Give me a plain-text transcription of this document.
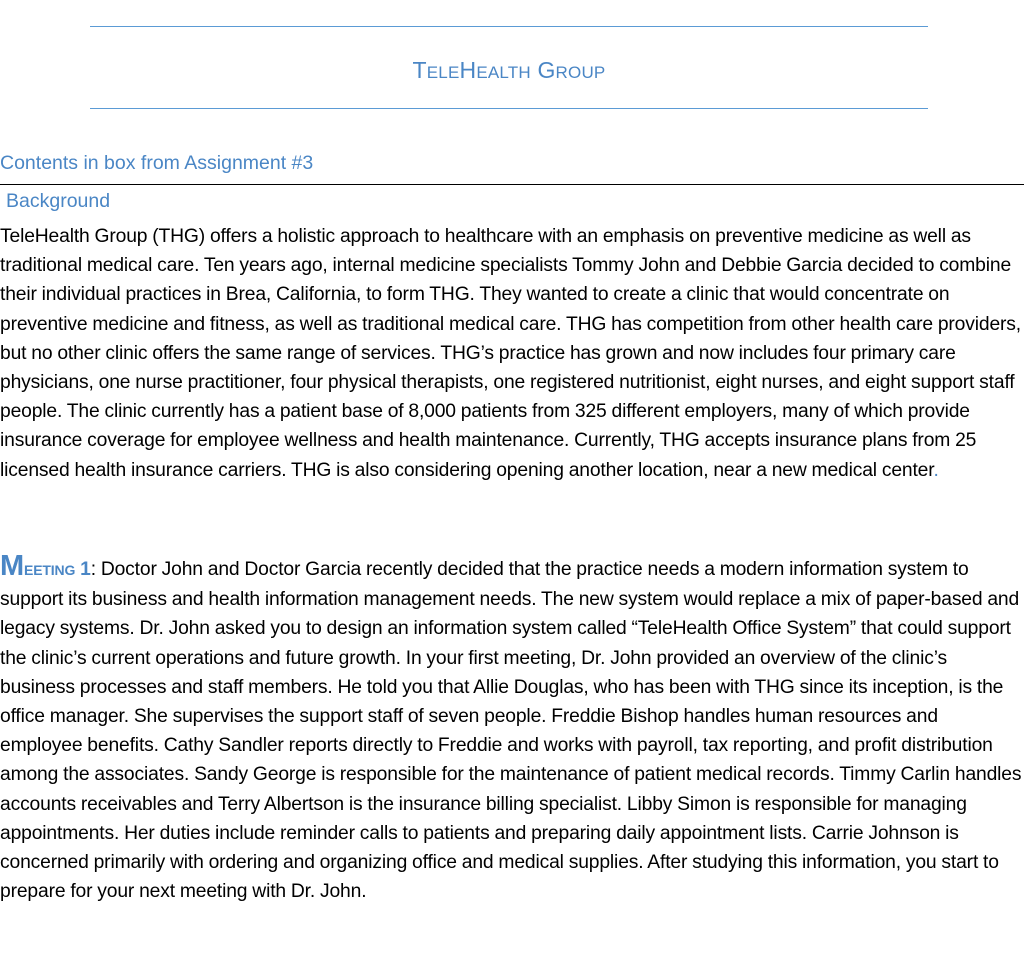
TELEHEALTH GROUP
Contents in box from Assignment #3
Background

TeleHealth Group (THG) offers a holistic approach to healthcare with an emphasis on preventive medicine as well as traditional medical care. Ten years ago, internal medicine specialists Tommy John and Debbie Garcia decided to combine their individual practices in Brea, California, to form THG. They wanted to create a clinic that would concentrate on preventive medicine and fitness, as well as traditional medical care. THG has competition from other health care providers, but no other clinic offers the same range of services. THG’s practice has grown and now includes four primary care physicians, one nurse practitioner, four physical therapists, one registered nutritionist, eight nurses, and eight support staff people. The clinic currently has a patient base of 8,000 patients from 325 different employers, many of which provide insurance coverage for employee wellness and health maintenance. Currently, THG accepts insurance plans from 25 licensed health insurance carriers. THG is also considering opening another location, near a new medical center.

MEETING 1: Doctor John and Doctor Garcia recently decided that the practice needs a modern information system to support its business and health information management needs. The new system would replace a mix of paper-based and legacy systems. Dr. John asked you to design an information system called “TeleHealth Office System” that could support the clinic’s current operations and future growth. In your first meeting, Dr. John provided an overview of the clinic’s business processes and staff members. He told you that Allie Douglas, who has been with THG since its inception, is the office manager. She supervises the support staff of seven people. Freddie Bishop handles human resources and employee benefits. Cathy Sandler reports directly to Freddie and works with payroll, tax reporting, and profit distribution among the associates. Sandy George is responsible for the maintenance of patient medical records. Timmy Carlin handles accounts receivables and Terry Albertson is the insurance billing specialist. Libby Simon is responsible for managing appointments. Her duties include reminder calls to patients and preparing daily appointment lists. Carrie Johnson is concerned primarily with ordering and organizing office and medical supplies. After studying this information, you start to prepare for your next meeting with Dr. John.
